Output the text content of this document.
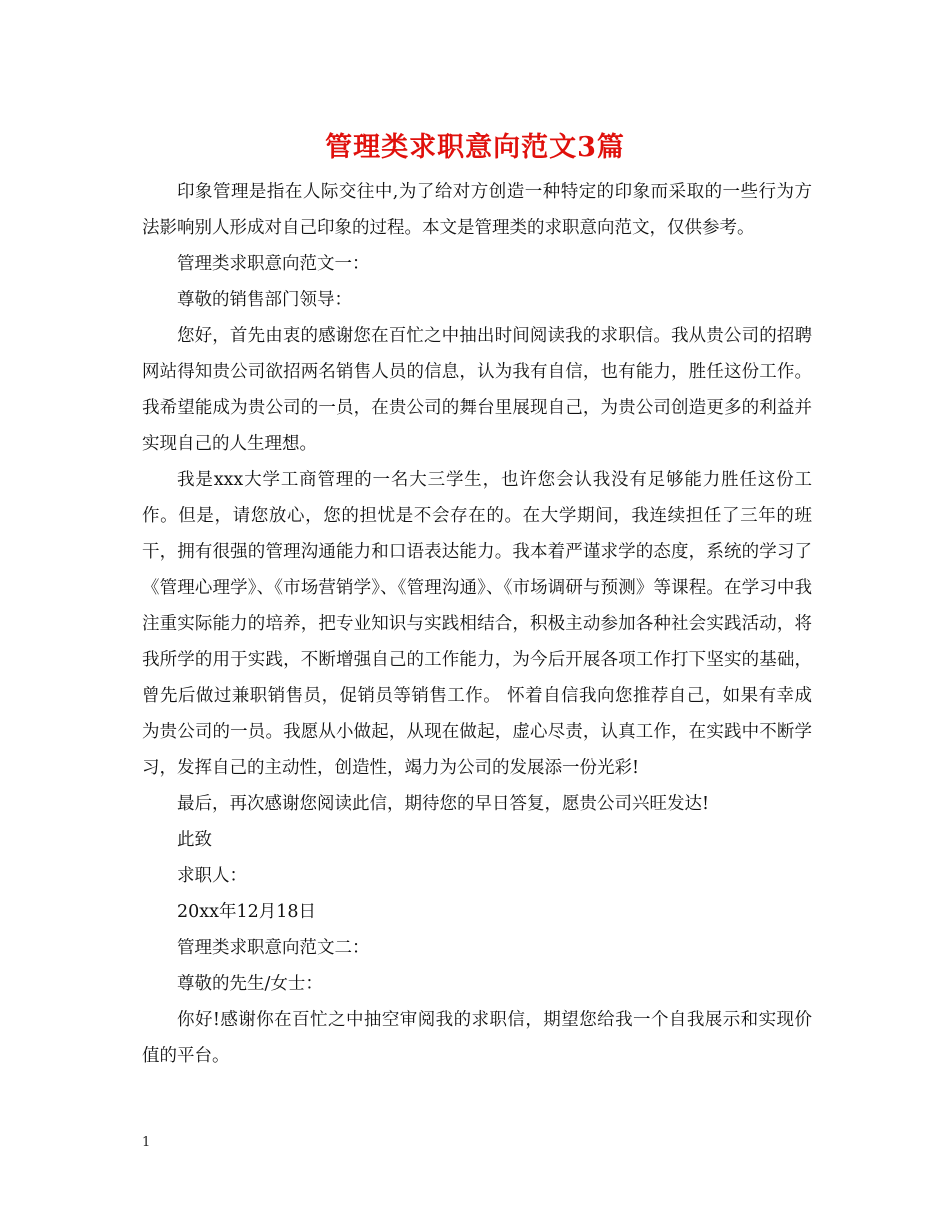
管理类求职意向范文3篇

印象管理是指在人际交往中,为了给对方创造一种特定的印象而采取的一些行为方法影响别人形成对自己印象的过程。本文是管理类的求职意向范文，仅供参考。

管理类求职意向范文一：

尊敬的销售部门领导：

您好，首先由衷的感谢您在百忙之中抽出时间阅读我的求职信。我从贵公司的招聘网站得知贵公司欲招两名销售人员的信息，认为我有自信，也有能力，胜任这份工作。我希望能成为贵公司的一员，在贵公司的舞台里展现自己，为贵公司创造更多的利益并实现自己的人生理想。

我是xxx大学工商管理的一名大三学生，也许您会认我没有足够能力胜任这份工作。但是，请您放心，您的担忧是不会存在的。在大学期间，我连续担任了三年的班干，拥有很强的管理沟通能力和口语表达能力。我本着严谨求学的态度，系统的学习了《管理心理学》、《市场营销学》、《管理沟通》、《市场调研与预测》等课程。在学习中我注重实际能力的培养，把专业知识与实践相结合，积极主动参加各种社会实践活动，将我所学的用于实践，不断增强自己的工作能力，为今后开展各项工作打下坚实的基础，曾先后做过兼职销售员，促销员等销售工作。 怀着自信我向您推荐自己，如果有幸成为贵公司的一员。我愿从小做起，从现在做起，虚心尽责，认真工作，在实践中不断学习，发挥自己的主动性，创造性，竭力为公司的发展添一份光彩!

最后，再次感谢您阅读此信，期待您的早日答复，愿贵公司兴旺发达!

此致

求职人：

20xx年12月18日

管理类求职意向范文二：

尊敬的先生/女士：

你好!感谢你在百忙之中抽空审阅我的求职信，期望您给我一个自我展示和实现价值的平台。

1
